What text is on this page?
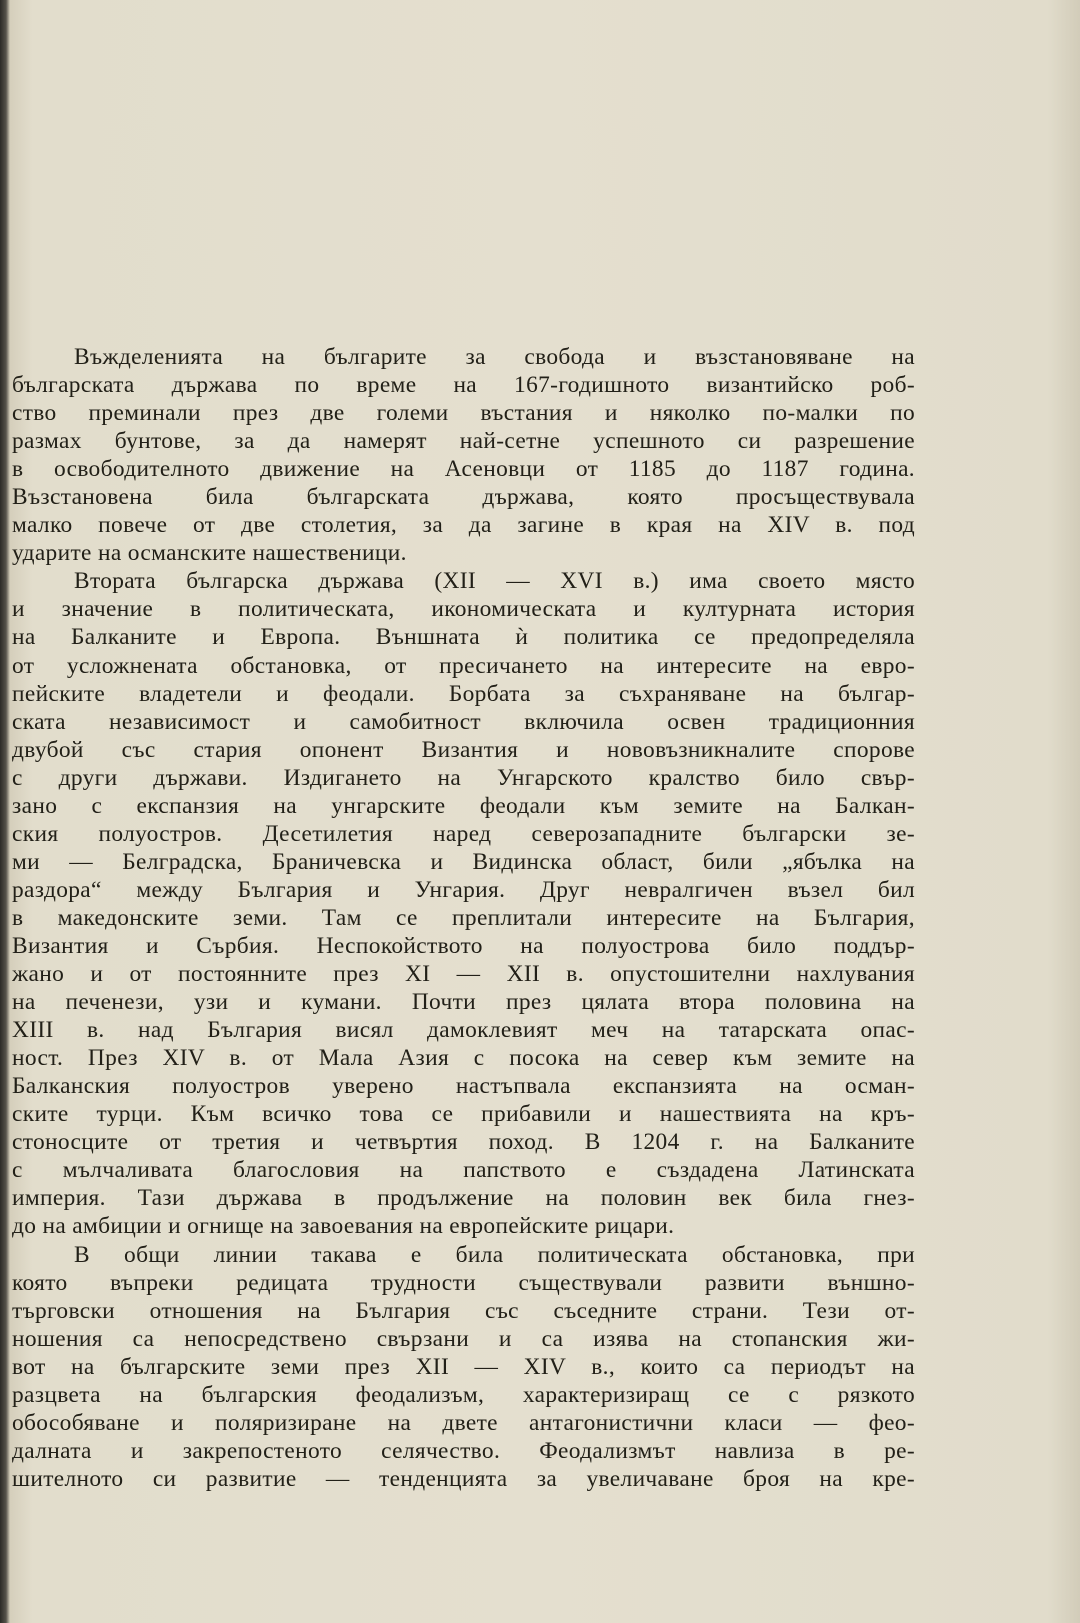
Въжделенията на българите за свобода и възстановяване на
българската държава по време на 167-годишното византийско роб-
ство преминали през две големи въстания и няколко по-малки по
размах бунтове, за да намерят най-сетне успешното си разрешение
в освободителното движение на Асеновци от 1185 до 1187 година.
Възстановена била българската държава, която просъществувала
малко повече от две столетия, за да загине в края на XIV в. под
ударите на османските нашественици.
Втората българска държава (XII — XVI в.) има своето място
и значение в политическата, икономическата и културната история
на Балканите и Европа. Външната ѝ политика се предопределяла
от усложнената обстановка, от пресичането на интересите на евро-
пейските владетели и феодали. Борбата за съхраняване на българ-
ската независимост и самобитност включила освен традиционния
двубой със стария опонент Византия и нововъзникналите спорове
с други държави. Издигането на Унгарското кралство било свър-
зано с експанзия на унгарските феодали към земите на Балкан-
ския полуостров. Десетилетия наред северозападните български зе-
ми — Белградска, Браничевска и Видинска област, били „ябълка на
раздора“ между България и Унгария. Друг невралгичен възел бил
в македонските земи. Там се преплитали интересите на България,
Византия и Сърбия. Неспокойството на полуострова било поддър-
жано и от постоянните през XI — XII в. опустошителни нахлувания
на печенези, узи и кумани. Почти през цялата втора половина на
XIII в. над България висял дамоклевият меч на татарската опас-
ност. През XIV в. от Мала Азия с посока на север към земите на
Балканския полуостров уверено настъпвала експанзията на осман-
ските турци. Към всичко това се прибавили и нашествията на кръ-
стоносците от третия и четвъртия поход. В 1204 г. на Балканите
с мълчаливата благословия на папството е създадена Латинската
империя. Тази държава в продължение на половин век била гнез-
до на амбиции и огнище на завоевания на европейските рицари.
В общи линии такава е била политическата обстановка, при
която въпреки редицата трудности съществували развити външно-
търговски отношения на България със съседните страни. Тези от-
ношения са непосредствено свързани и са изява на стопанския жи-
вот на българските земи през XII — XIV в., които са периодът на
разцвета на българския феодализъм, характеризиращ се с рязкото
обособяване и поляризиране на двете антагонистични класи — фео-
далната и закрепостеното селячество. Феодализмът навлиза в ре-
шителното си развитие — тенденцията за увеличаване броя на кре-
